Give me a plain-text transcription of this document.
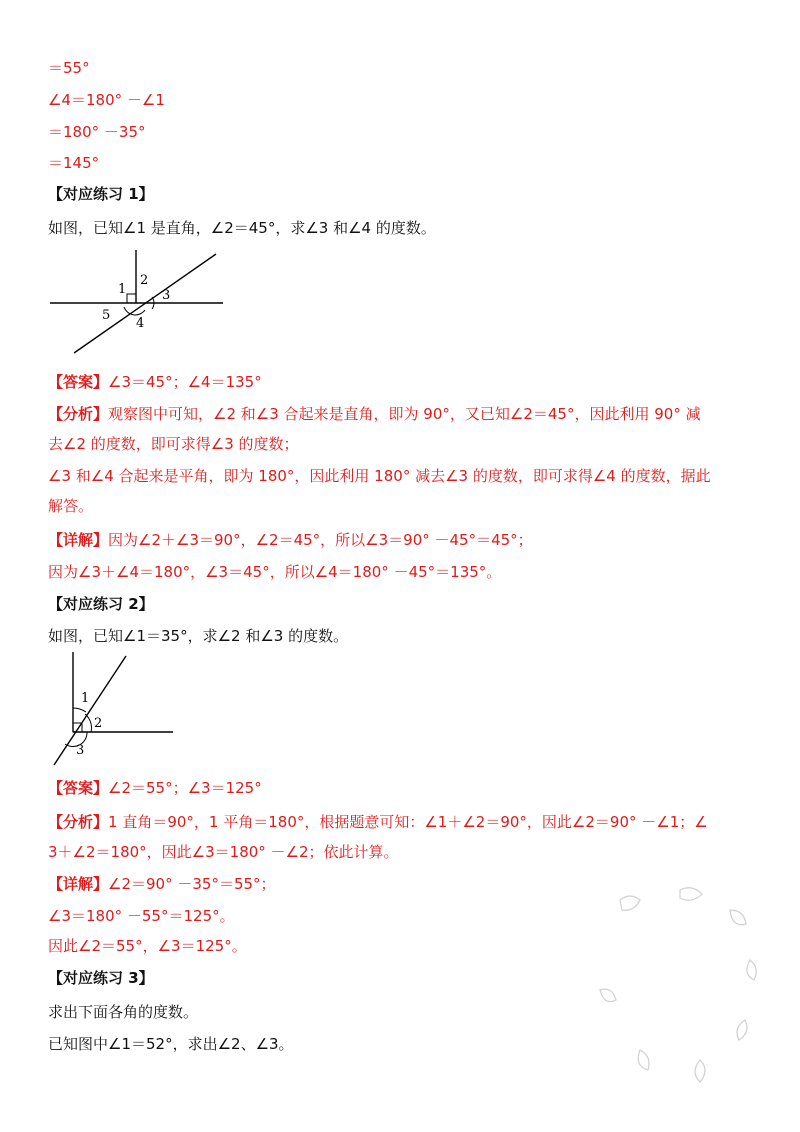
＝55°
∠4＝180° －∠1
＝180° －35°
＝145°
【对应练习 1】
如图，已知∠1 是直角，∠2＝45°，求∠3 和∠4 的度数。
1
2
3
4
5
【答案】∠3＝45°；∠4＝135°
【分析】观察图中可知，∠2 和∠3 合起来是直角，即为 90°，又已知∠2＝45°，因此利用 90° 减
去∠2 的度数，即可求得∠3 的度数；
∠3 和∠4 合起来是平角，即为 180°，因此利用 180° 减去∠3 的度数，即可求得∠4 的度数，据此
解答。
【详解】因为∠2＋∠3＝90°，∠2＝45°，所以∠3＝90° －45°＝45°；
因为∠3＋∠4＝180°，∠3＝45°，所以∠4＝180° －45°＝135°。
【对应练习 2】
如图，已知∠1＝35°，求∠2 和∠3 的度数。
1
2
3
【答案】∠2＝55°；∠3＝125°
【分析】1 直角＝90°，1 平角＝180°，根据题意可知：∠1＋∠2＝90°，因此∠2＝90° －∠1；∠
3＋∠2＝180°，因此∠3＝180° －∠2；依此计算。
【详解】∠2＝90° －35°＝55°；
∠3＝180° －55°＝125°。
因此∠2＝55°，∠3＝125°。
【对应练习 3】
求出下面各角的度数。
已知图中∠1＝52°，求出∠2、∠3。
